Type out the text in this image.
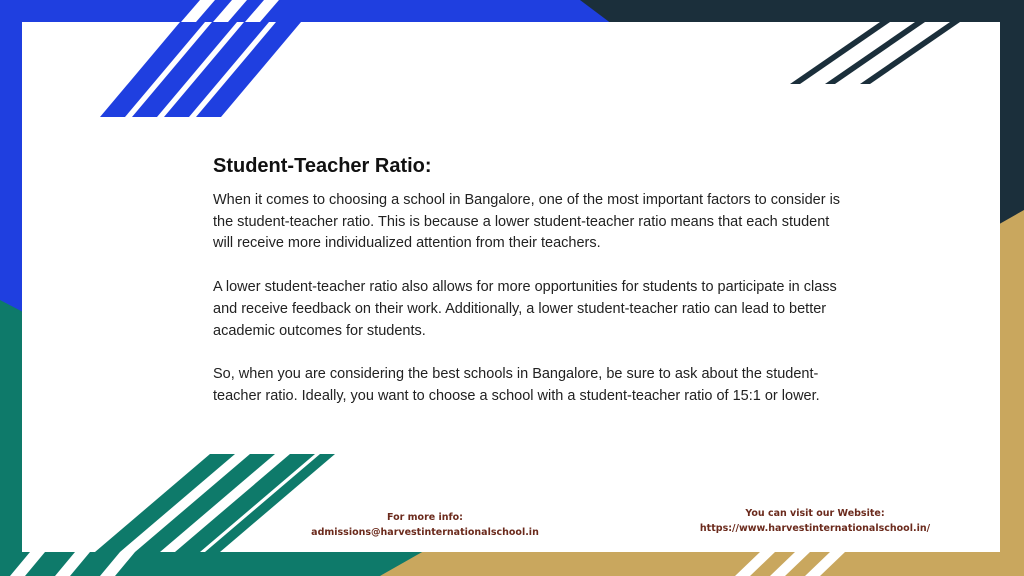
Student-Teacher Ratio:

When it comes to choosing a school in Bangalore, one of the most important factors to consider is the student-teacher ratio. This is because a lower student-teacher ratio means that each student will receive more individualized attention from their teachers.

A lower student-teacher ratio also allows for more opportunities for students to participate in class and receive feedback on their work. Additionally, a lower student-teacher ratio can lead to better academic outcomes for students.

So, when you are considering the best schools in Bangalore, be sure to ask about the student-teacher ratio. Ideally, you want to choose a school with a student-teacher ratio of 15:1 or lower.

For more info:
admissions@harvestinternationalschool.in
You can visit our Website:
https://www.harvestinternationalschool.in/
